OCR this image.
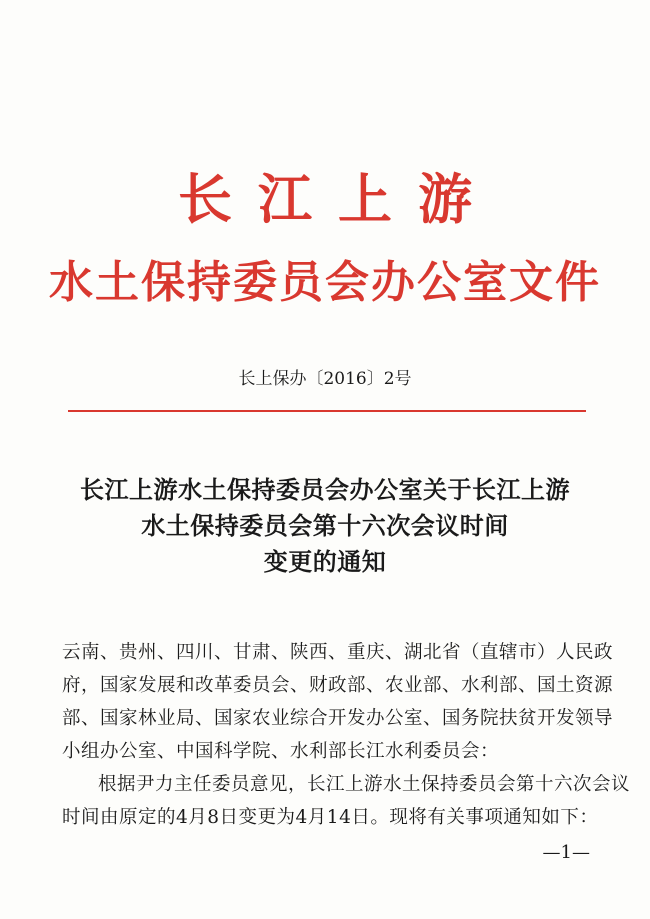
长江上游
水土保持委员会办公室文件
长上保办〔2016〕2号
长江上游水土保持委员会办公室关于长江上游
水土保持委员会第十六次会议时间
变更的通知
云南、贵州、四川、甘肃、陕西、重庆、湖北省（直辖市）人民政
府，国家发展和改革委员会、财政部、农业部、水利部、国土资源
部、国家林业局、国家农业综合开发办公室、国务院扶贫开发领导
小组办公室、中国科学院、水利部长江水利委员会：
根据尹力主任委员意见，长江上游水土保持委员会第十六次会议
时间由原定的4月8日变更为4月14日。现将有关事项通知如下：
—1—
